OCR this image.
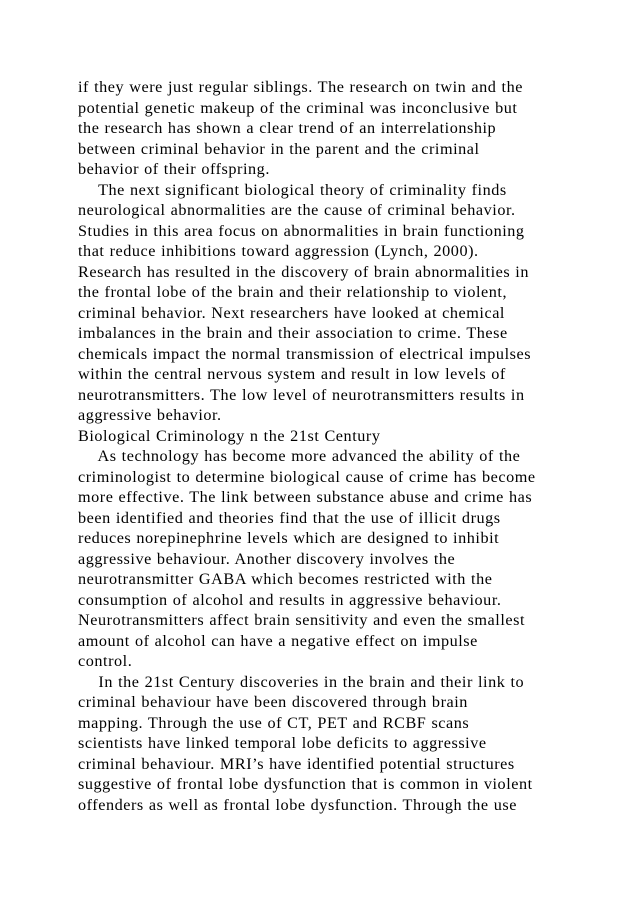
if they were just regular siblings. The research on twin and the
potential genetic makeup of the criminal was inconclusive but
the research has shown a clear trend of an interrelationship
between criminal behavior in the parent and the criminal
behavior of their offspring.
The next significant biological theory of criminality finds
neurological abnormalities are the cause of criminal behavior.
Studies in this area focus on abnormalities in brain functioning
that reduce inhibitions toward aggression (Lynch, 2000).
Research has resulted in the discovery of brain abnormalities in
the frontal lobe of the brain and their relationship to violent,
criminal behavior. Next researchers have looked at chemical
imbalances in the brain and their association to crime. These
chemicals impact the normal transmission of electrical impulses
within the central nervous system and result in low levels of
neurotransmitters. The low level of neurotransmitters results in
aggressive behavior.
Biological Criminology n the 21st Century
As technology has become more advanced the ability of the
criminologist to determine biological cause of crime has become
more effective. The link between substance abuse and crime has
been identified and theories find that the use of illicit drugs
reduces norepinephrine levels which are designed to inhibit
aggressive behaviour. Another discovery involves the
neurotransmitter GABA which becomes restricted with the
consumption of alcohol and results in aggressive behaviour.
Neurotransmitters affect brain sensitivity and even the smallest
amount of alcohol can have a negative effect on impulse
control.
In the 21st Century discoveries in the brain and their link to
criminal behaviour have been discovered through brain
mapping. Through the use of CT, PET and RCBF scans
scientists have linked temporal lobe deficits to aggressive
criminal behaviour. MRI’s have identified potential structures
suggestive of frontal lobe dysfunction that is common in violent
offenders as well as frontal lobe dysfunction. Through the use
